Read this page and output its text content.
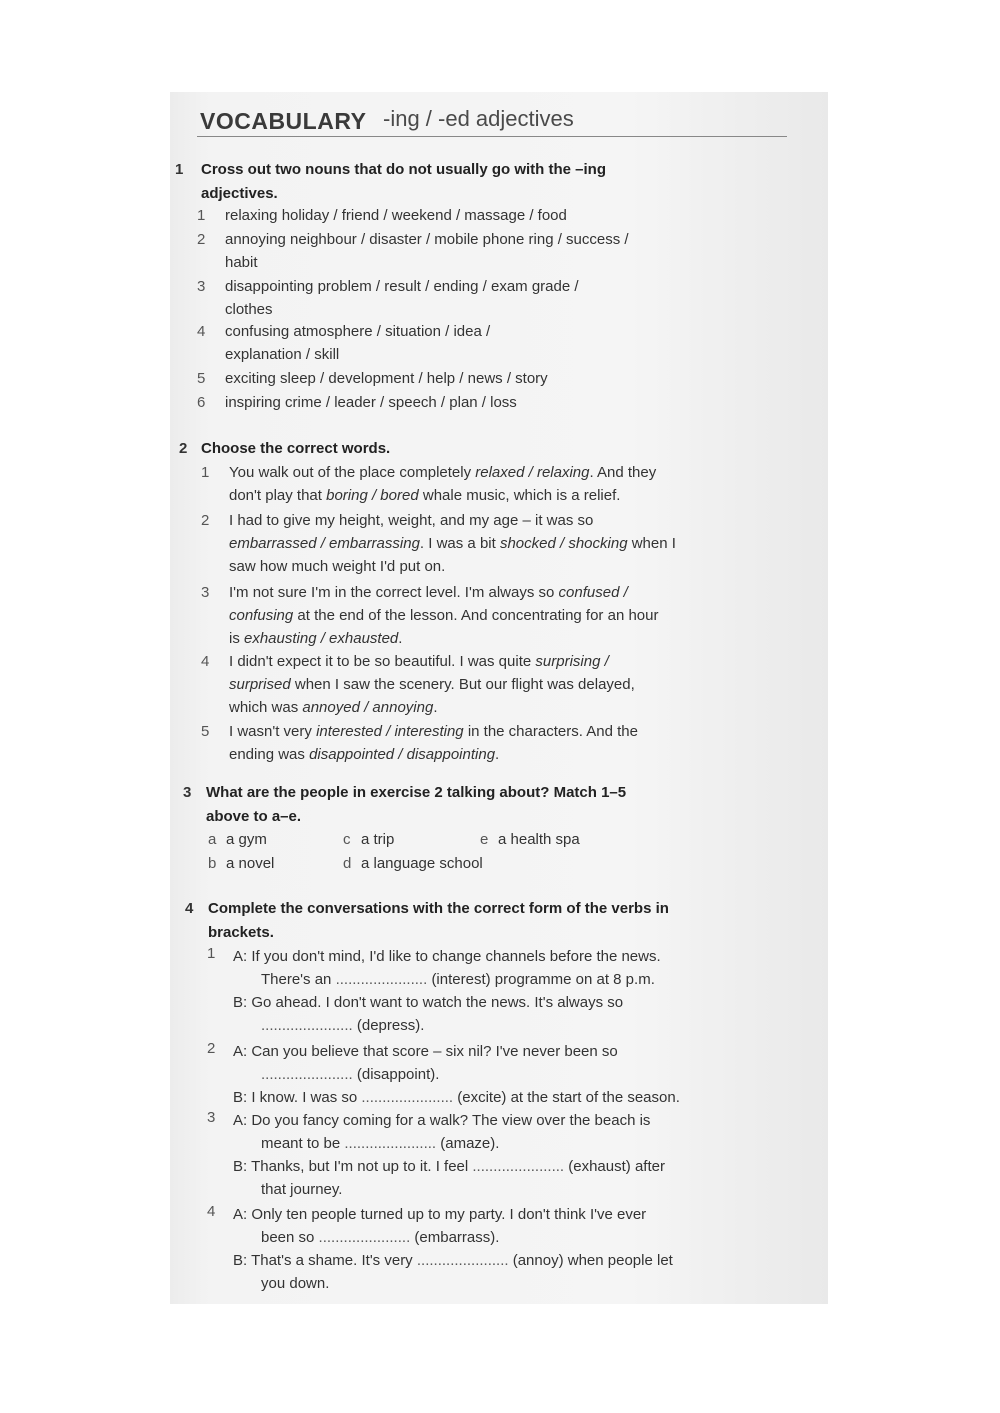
VOCABULARY -ing / -ed adjectives
1 Cross out two nouns that do not usually go with the –ing
adjectives.
1 relaxing holiday / friend / weekend / massage / food
2 annoying neighbour / disaster / mobile phone ring / success /
habit
3 disappointing problem / result / ending / exam grade /
clothes
4 confusing atmosphere / situation / idea /
explanation / skill
5 exciting sleep / development / help / news / story
6 inspiring crime / leader / speech / plan / loss
2 Choose the correct words.
1 You walk out of the place completely relaxed / relaxing. And they
don't play that boring / bored whale music, which is a relief.
2 I had to give my height, weight, and my age – it was so
embarrassed / embarrassing. I was a bit shocked / shocking when I
saw how much weight I'd put on.
3 I'm not sure I'm in the correct level. I'm always so confused /
confusing at the end of the lesson. And concentrating for an hour
is exhausting / exhausted.
4 I didn't expect it to be so beautiful. I was quite surprising /
surprised when I saw the scenery. But our flight was delayed,
which was annoyed / annoying.
5 I wasn't very interested / interesting in the characters. And the
ending was disappointed / disappointing.
3 What are the people in exercise 2 talking about? Match 1–5
above to a–e.
a a gym
b a novel
c a trip
d a language school
e a health spa
4 Complete the conversations with the correct form of the verbs in
brackets.
1 A: If you don't mind, I'd like to change channels before the news.
There's an ...................... (interest) programme on at 8 p.m.
B: Go ahead. I don't want to watch the news. It's always so
...................... (depress).
2 A: Can you believe that score – six nil? I've never been so
...................... (disappoint).
B: I know. I was so ...................... (excite) at the start of the season.
3 A: Do you fancy coming for a walk? The view over the beach is
meant to be ...................... (amaze).
B: Thanks, but I'm not up to it. I feel ...................... (exhaust) after
that journey.
4 A: Only ten people turned up to my party. I don't think I've ever
been so ...................... (embarrass).
B: That's a shame. It's very ...................... (annoy) when people let
you down.
